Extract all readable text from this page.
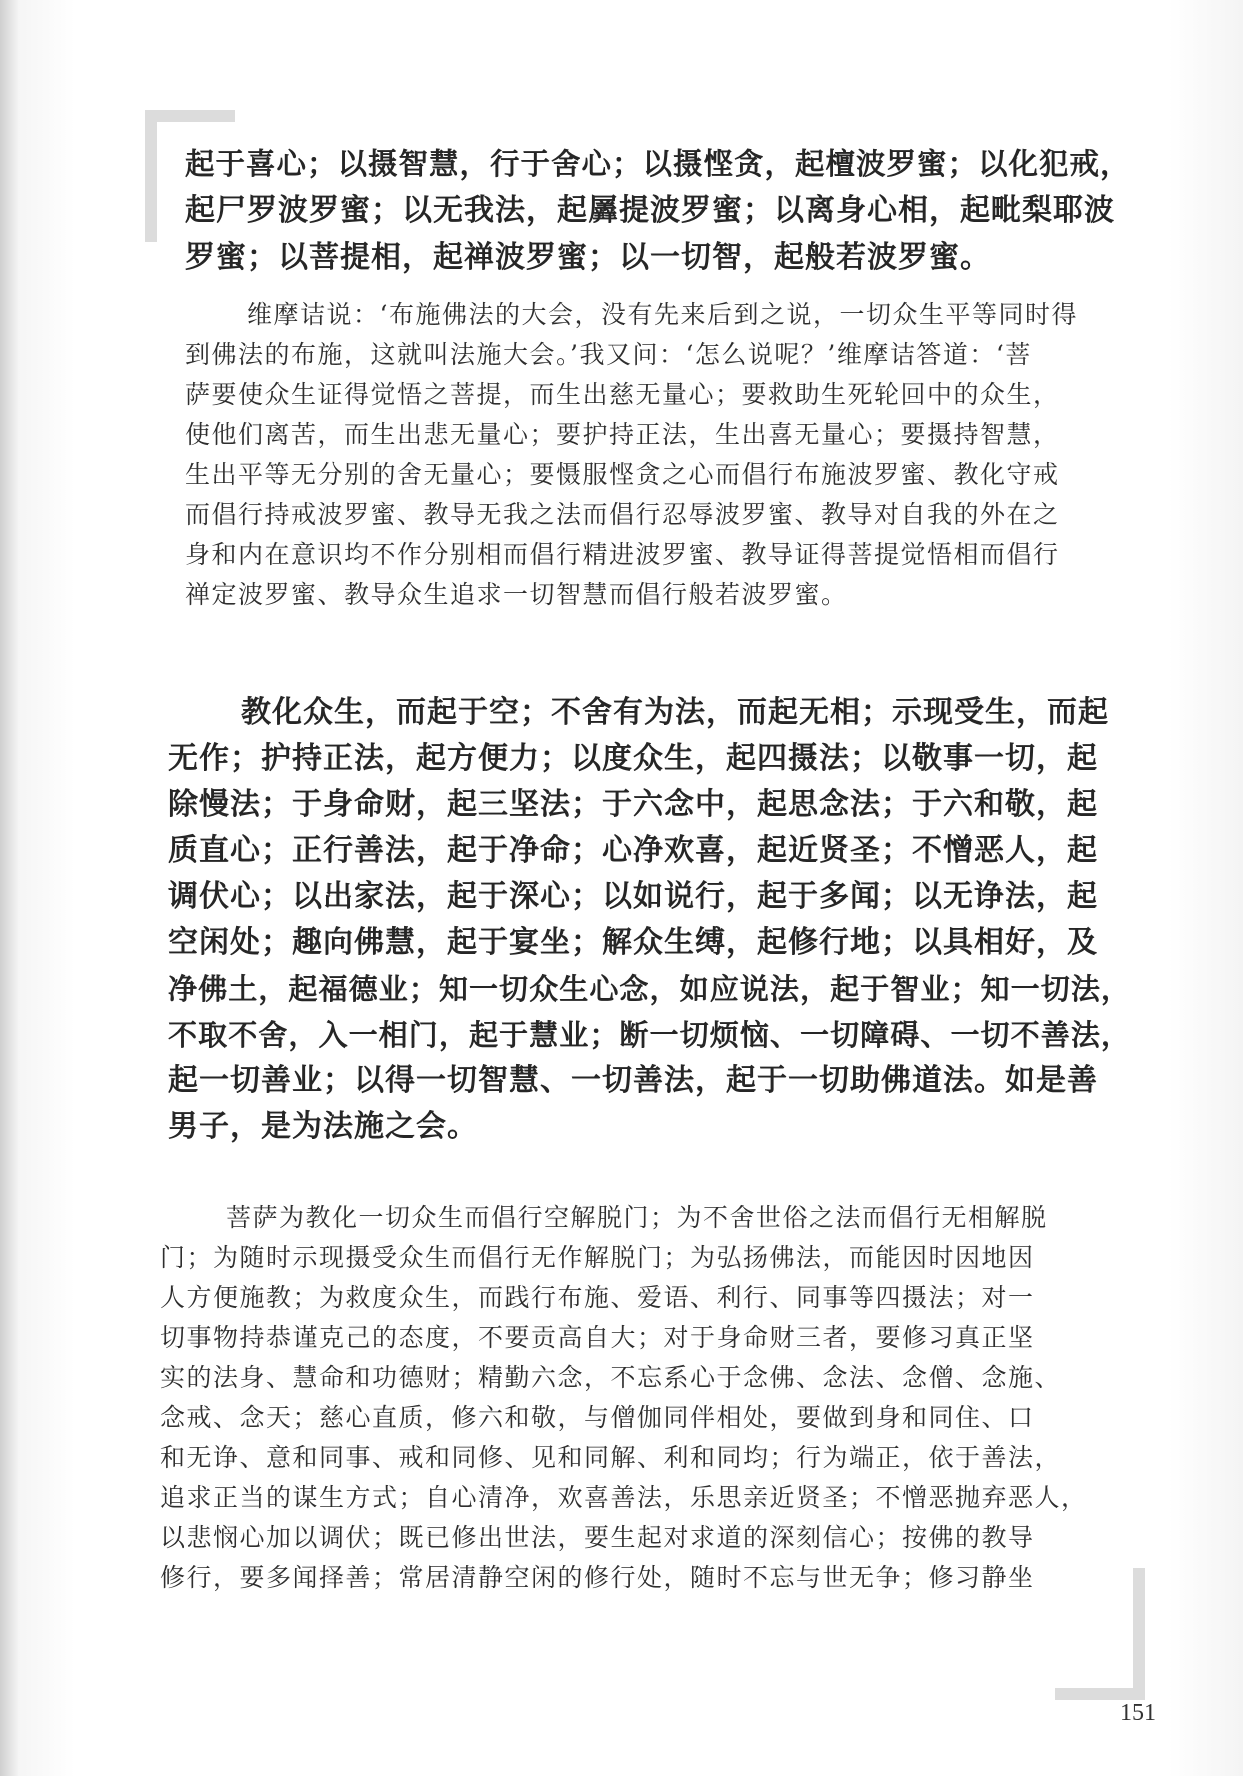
起于喜心；以摄智慧，行于舍心；以摄悭贪，起檀波罗蜜；以化犯戒，
起尸罗波罗蜜；以无我法，起羼提波罗蜜；以离身心相，起毗梨耶波
罗蜜；以菩提相，起禅波罗蜜；以一切智，起般若波罗蜜。
维摩诘说：‘布施佛法的大会，没有先来后到之说，一切众生平等同时得
到佛法的布施，这就叫法施大会。’我又问：‘怎么说呢？’维摩诘答道：‘菩
萨要使众生证得觉悟之菩提，而生出慈无量心；要救助生死轮回中的众生，
使他们离苦，而生出悲无量心；要护持正法，生出喜无量心；要摄持智慧，
生出平等无分别的舍无量心；要慑服悭贪之心而倡行布施波罗蜜、教化守戒
而倡行持戒波罗蜜、教导无我之法而倡行忍辱波罗蜜、教导对自我的外在之
身和内在意识均不作分别相而倡行精进波罗蜜、教导证得菩提觉悟相而倡行
禅定波罗蜜、教导众生追求一切智慧而倡行般若波罗蜜。
教化众生，而起于空；不舍有为法，而起无相；示现受生，而起
无作；护持正法，起方便力；以度众生，起四摄法；以敬事一切，起
除慢法；于身命财，起三坚法；于六念中，起思念法；于六和敬，起
质直心；正行善法，起于净命；心净欢喜，起近贤圣；不憎恶人，起
调伏心；以出家法，起于深心；以如说行，起于多闻；以无诤法，起
空闲处；趣向佛慧，起于宴坐；解众生缚，起修行地；以具相好，及
净佛土，起福德业；知一切众生心念，如应说法，起于智业；知一切法，
不取不舍，入一相门，起于慧业；断一切烦恼、一切障碍、一切不善法，
起一切善业；以得一切智慧、一切善法，起于一切助佛道法。如是善
男子，是为法施之会。
菩萨为教化一切众生而倡行空解脱门；为不舍世俗之法而倡行无相解脱
门；为随时示现摄受众生而倡行无作解脱门；为弘扬佛法，而能因时因地因
人方便施教；为救度众生，而践行布施、爱语、利行、同事等四摄法；对一
切事物持恭谨克己的态度，不要贡高自大；对于身命财三者，要修习真正坚
实的法身、慧命和功德财；精勤六念，不忘系心于念佛、念法、念僧、念施、
念戒、念天；慈心直质，修六和敬，与僧伽同伴相处，要做到身和同住、口
和无诤、意和同事、戒和同修、见和同解、利和同均；行为端正，依于善法，
追求正当的谋生方式；自心清净，欢喜善法，乐思亲近贤圣；不憎恶抛弃恶人，
以悲悯心加以调伏；既已修出世法，要生起对求道的深刻信心；按佛的教导
修行，要多闻择善；常居清静空闲的修行处，随时不忘与世无争；修习静坐
151
